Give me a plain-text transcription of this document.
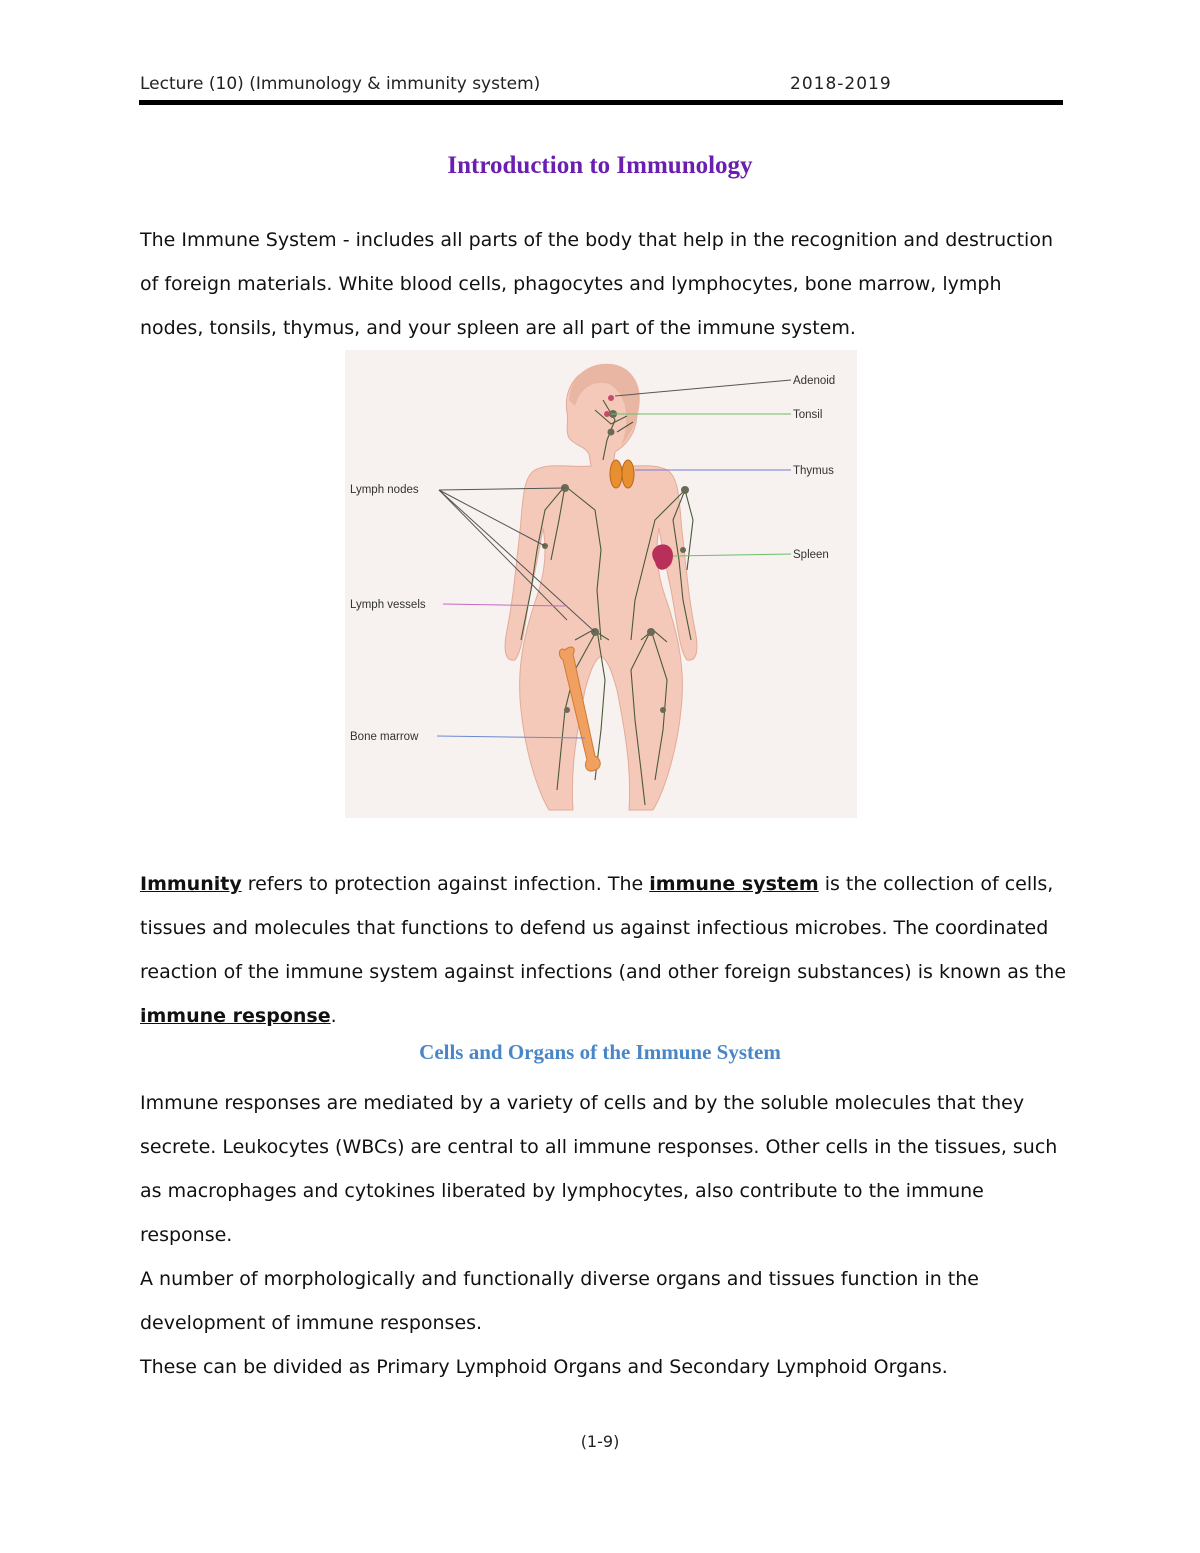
Lecture (10) (Immunology & immunity system)	2018-2019
Introduction to Immunology
The Immune System - includes all parts of the body that help in the recognition and destruction of foreign materials. White blood cells, phagocytes and lymphocytes, bone marrow, lymph nodes, tonsils, thymus, and your spleen are all part of the immune system.
Adenoid
Tonsil
Thymus
Spleen
Lymph nodes
Lymph vessels
Bone marrow
Immunity refers to protection against infection. The immune system is the collection of cells, tissues and molecules that functions to defend us against infectious microbes. The coordinated reaction of the immune system against infections (and other foreign substances) is known as the immune response.
Cells and Organs of the Immune System
Immune responses are mediated by a variety of cells and by the soluble molecules that they secrete. Leukocytes (WBCs) are central to all immune responses. Other cells in the tissues, such as macrophages and cytokines liberated by lymphocytes, also contribute to the immune response.
A number of morphologically and functionally diverse organs and tissues function in the development of immune responses.
These can be divided as Primary Lymphoid Organs and Secondary Lymphoid Organs.
(1-9)
